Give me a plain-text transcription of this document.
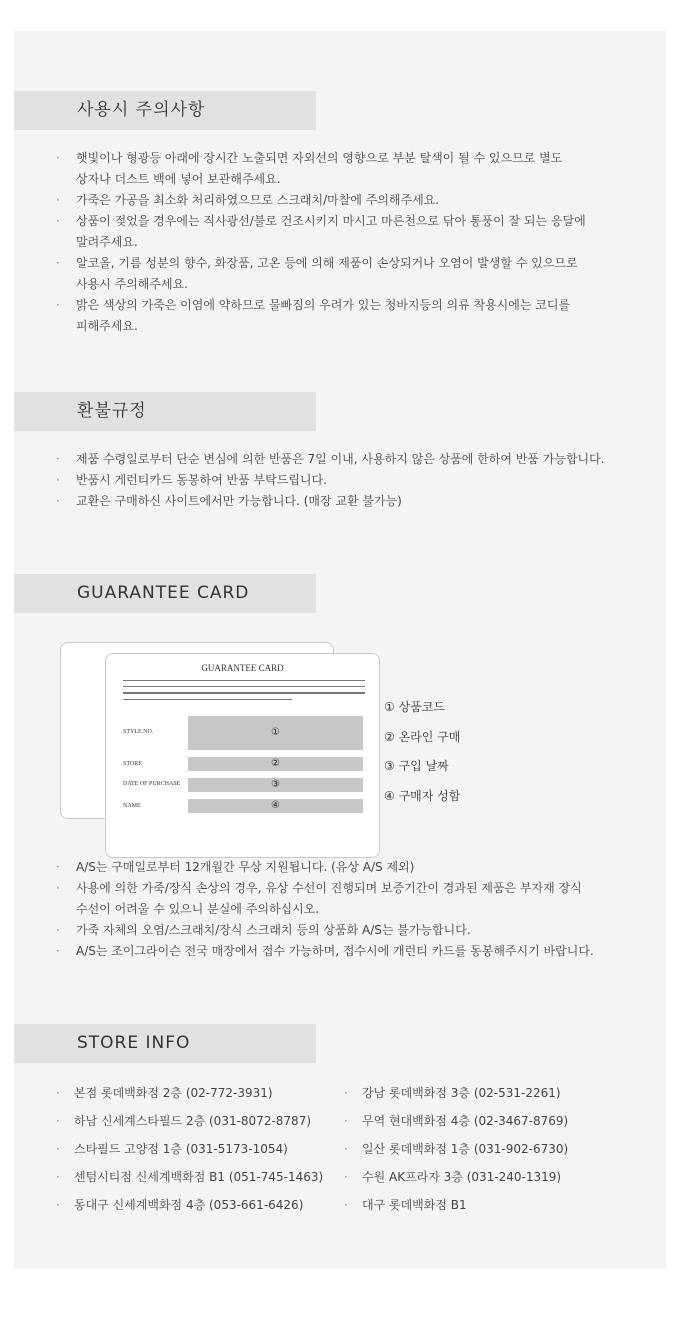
사용시 주의사항
· 햇빛이나 형광등 아래에 장시간 노출되면 자외선의 영향으로 부분 탈색이 될 수 있으므로 별도
상자나 더스트 백에 넣어 보관해주세요.
· 가죽은 가공을 최소화 처리하였으므로 스크래치/마찰에 주의해주세요.
· 상품이 젖었을 경우에는 직사광선/불로 건조시키지 마시고 마른천으로 닦아 통풍이 잘 되는 응달에
말려주세요.
· 알코올, 기름 성분의 향수, 화장품, 고온 등에 의해 제품이 손상되거나 오염이 발생할 수 있으므로
사용시 주의해주세요.
· 밝은 색상의 가죽은 이염에 약하므로 물빠짐의 우려가 있는 청바지등의 의류 착용시에는 코디를
피해주세요.
환불규정
· 제품 수령일로부터 단순 변심에 의한 반품은 7일 이내, 사용하지 않은 상품에 한하여 반품 가능합니다.
· 반품시 게런티카드 동봉하여 반품 부탁드립니다.
· 교환은 구매하신 사이트에서만 가능합니다. (매장 교환 불가능)
GUARANTEE CARD
GUARANTEE CARD
STYLE NO.	①
STORE	②
DATE OF PURCHASE	③
NAME	④
① 상품코드
② 온라인 구매
③ 구입 날짜
④ 구매자 성함
· A/S는 구매일로부터 12개월간 무상 지원됩니다. (유상 A/S 제외)
· 사용에 의한 가죽/장식 손상의 경우, 유상 수선이 진행되며 보증기간이 경과된 제품은 부자재 장식
수선이 어려울 수 있으니 분실에 주의하십시오.
· 가죽 자체의 오염/스크래치/장식 스크래치 등의 상품화 A/S는 불가능합니다.
· A/S는 조이그라이슨 전국 매장에서 접수 가능하며, 접수시에 개런티 카드를 동봉해주시기 바랍니다.
STORE INFO
· 본점 롯데백화점 2층 (02-772-3931)
· 하남 신세계스타필드 2층 (031-8072-8787)
· 스타필드 고양점 1층 (031-5173-1054)
· 센텀시티점 신세계백화점 B1 (051-745-1463)
· 동대구 신세계백화점 4층 (053-661-6426)
· 강남 롯데백화점 3층 (02-531-2261)
· 무역 현대백화점 4층 (02-3467-8769)
· 일산 롯데백화점 1층 (031-902-6730)
· 수원 AK프라자 3층 (031-240-1319)
· 대구 롯데백화점 B1
